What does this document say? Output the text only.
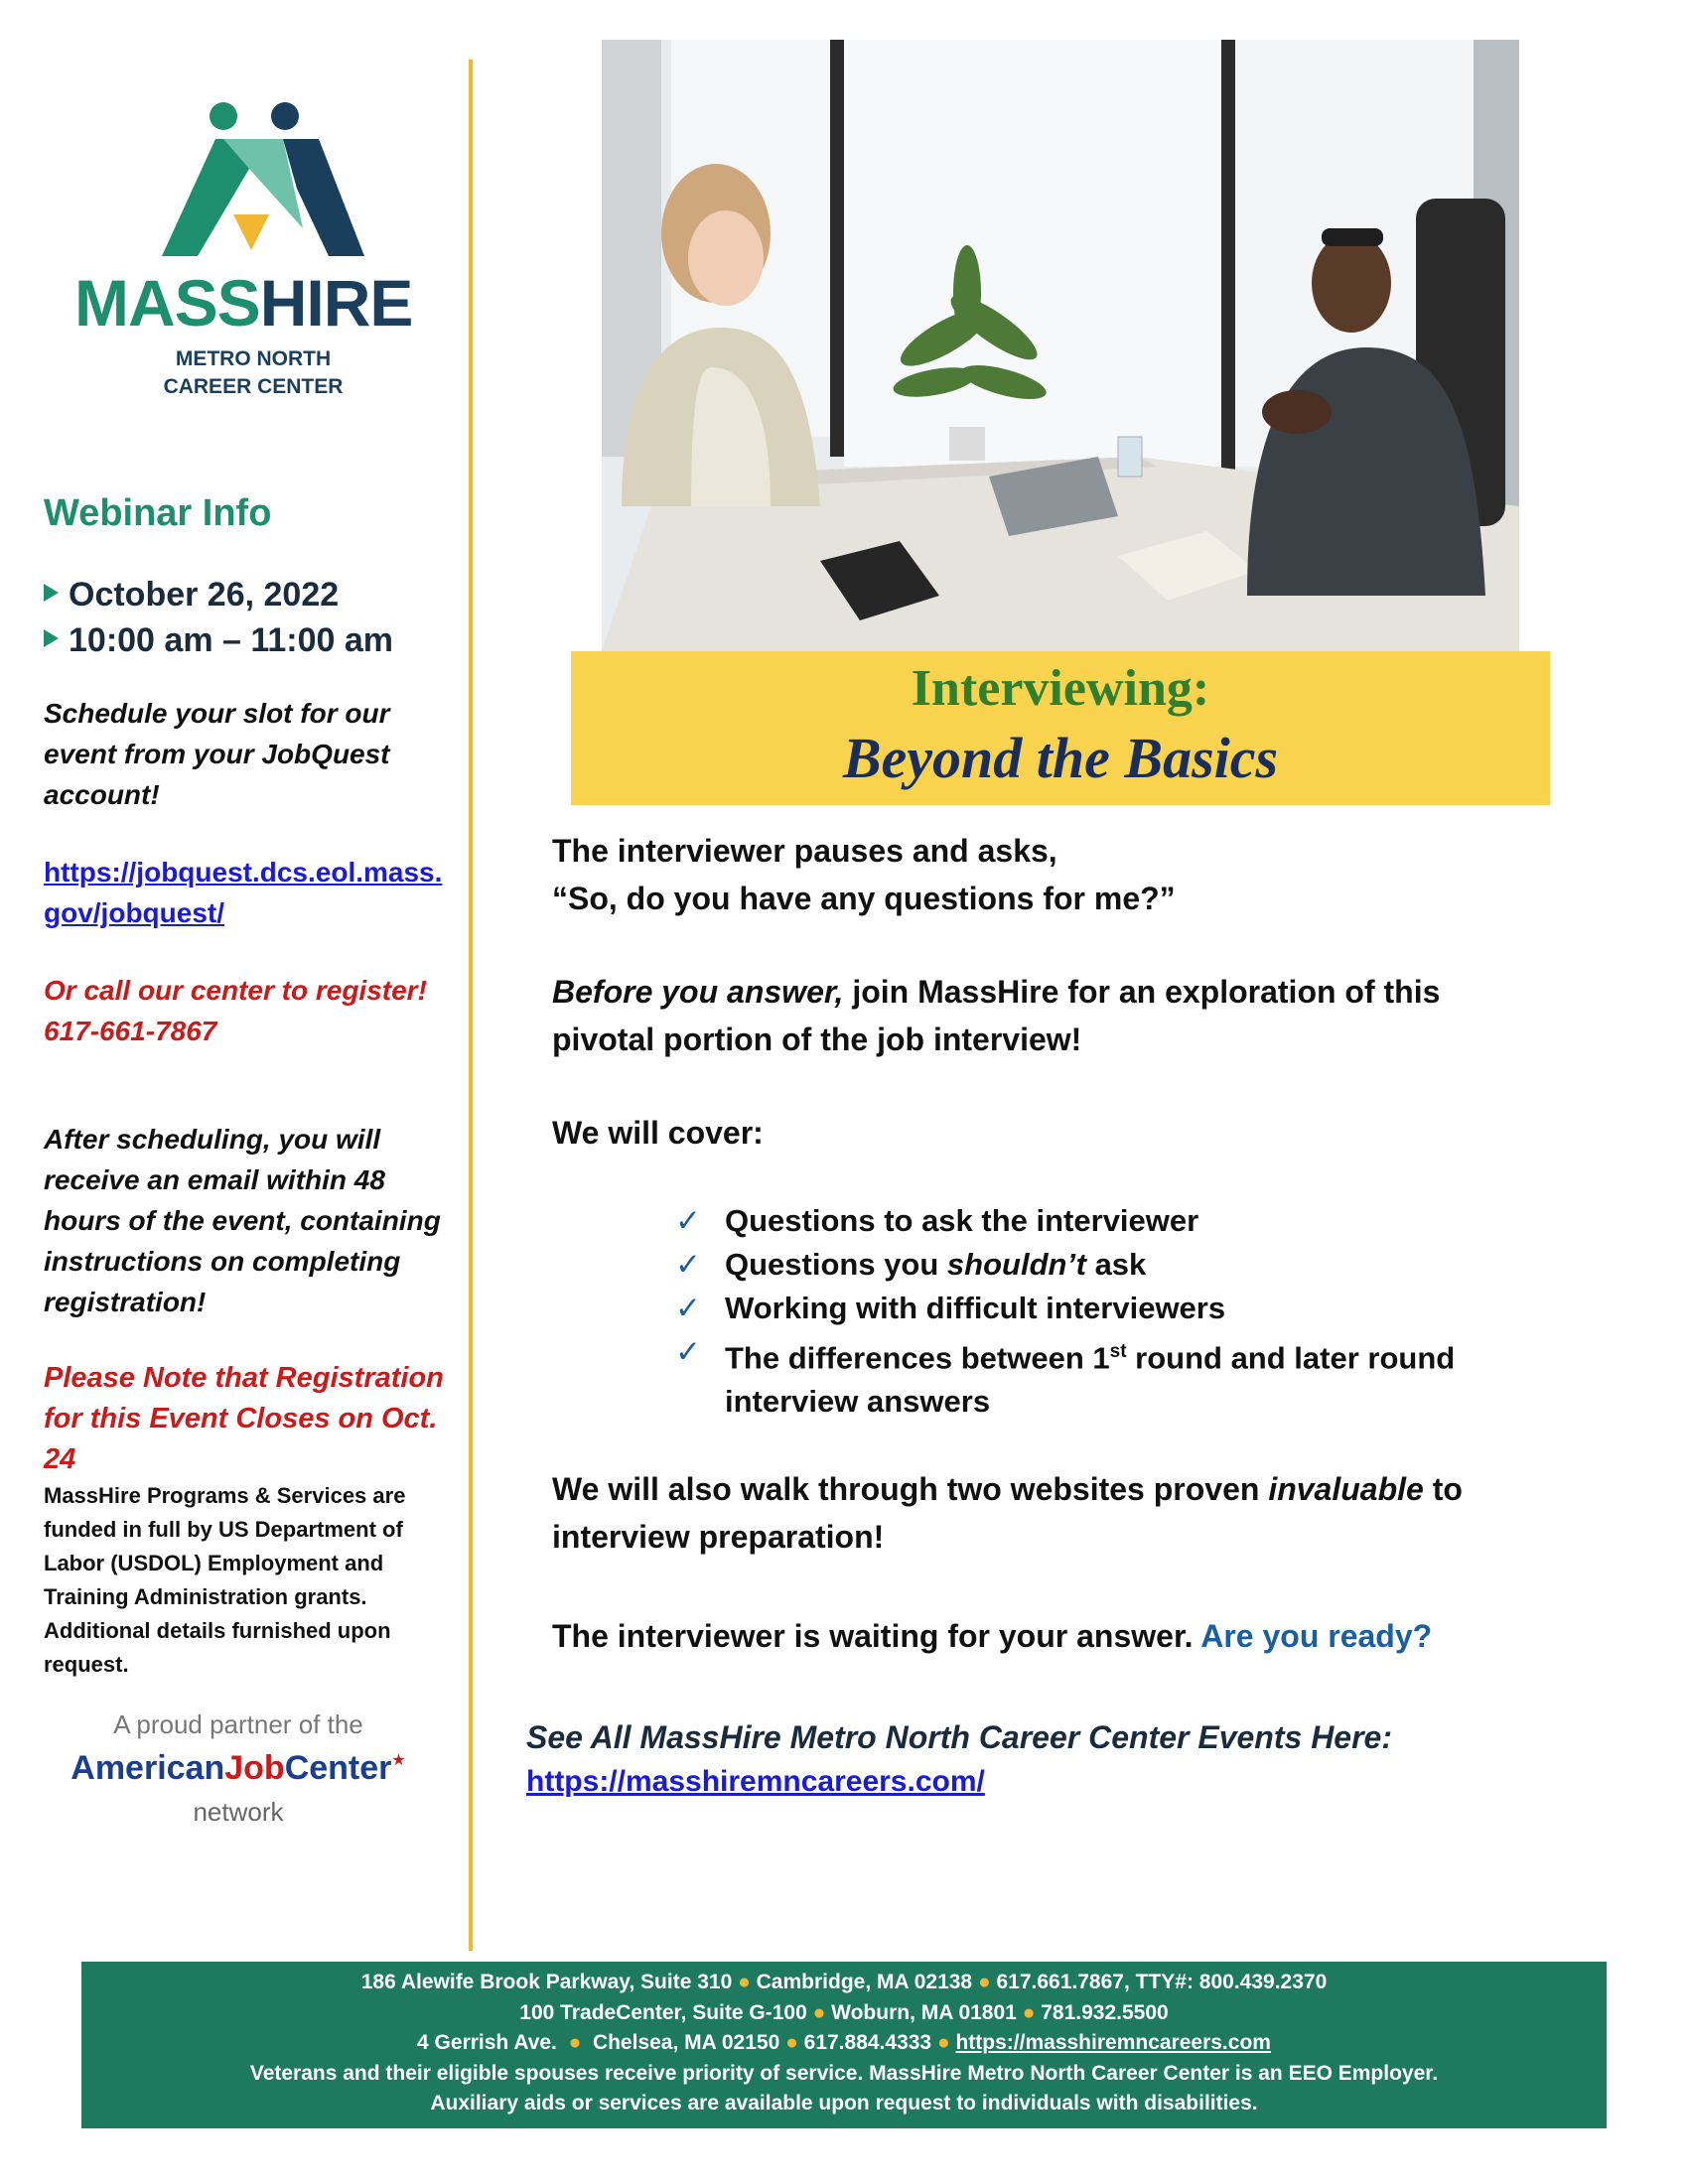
MASSHIRE
METRO NORTH
CAREER CENTER
Webinar Info
October 26, 2022
10:00 am – 11:00 am
Schedule your slot for our event from your JobQuest account!
https://jobquest.dcs.eol.mass.
gov/jobquest/
Or call our center to register!
617-661-7867
After scheduling, you will receive an email within 48 hours of the event, containing instructions on completing registration!
Please Note that Registration
for this Event Closes on Oct. 24
MassHire Programs & Services are funded in full by US Department of Labor (USDOL) Employment and Training Administration grants. Additional details furnished upon request.
A proud partner of the
AmericanJobCenter★
network
Interviewing:
Beyond the Basics
The interviewer pauses and asks,
“So, do you have any questions for me?”
Before you answer, join MassHire for an exploration of this pivotal portion of the job interview!
We will cover:
✓ Questions to ask the interviewer
✓ Questions you shouldn’t ask
✓ Working with difficult interviewers
✓ The differences between 1st round and later round interview answers
We will also walk through two websites proven invaluable to interview preparation!
The interviewer is waiting for your answer. Are you ready?
See All MassHire Metro North Career Center Events Here:
https://masshiremncareers.com/
186 Alewife Brook Parkway, Suite 310 ● Cambridge, MA 02138 ● 617.661.7867, TTY#: 800.439.2370
100 TradeCenter, Suite G-100 ● Woburn, MA 01801 ● 781.932.5500
4 Gerrish Ave. ● Chelsea, MA 02150 ● 617.884.4333 ● https://masshiremncareers.com
Veterans and their eligible spouses receive priority of service. MassHire Metro North Career Center is an EEO Employer.
Auxiliary aids or services are available upon request to individuals with disabilities.
